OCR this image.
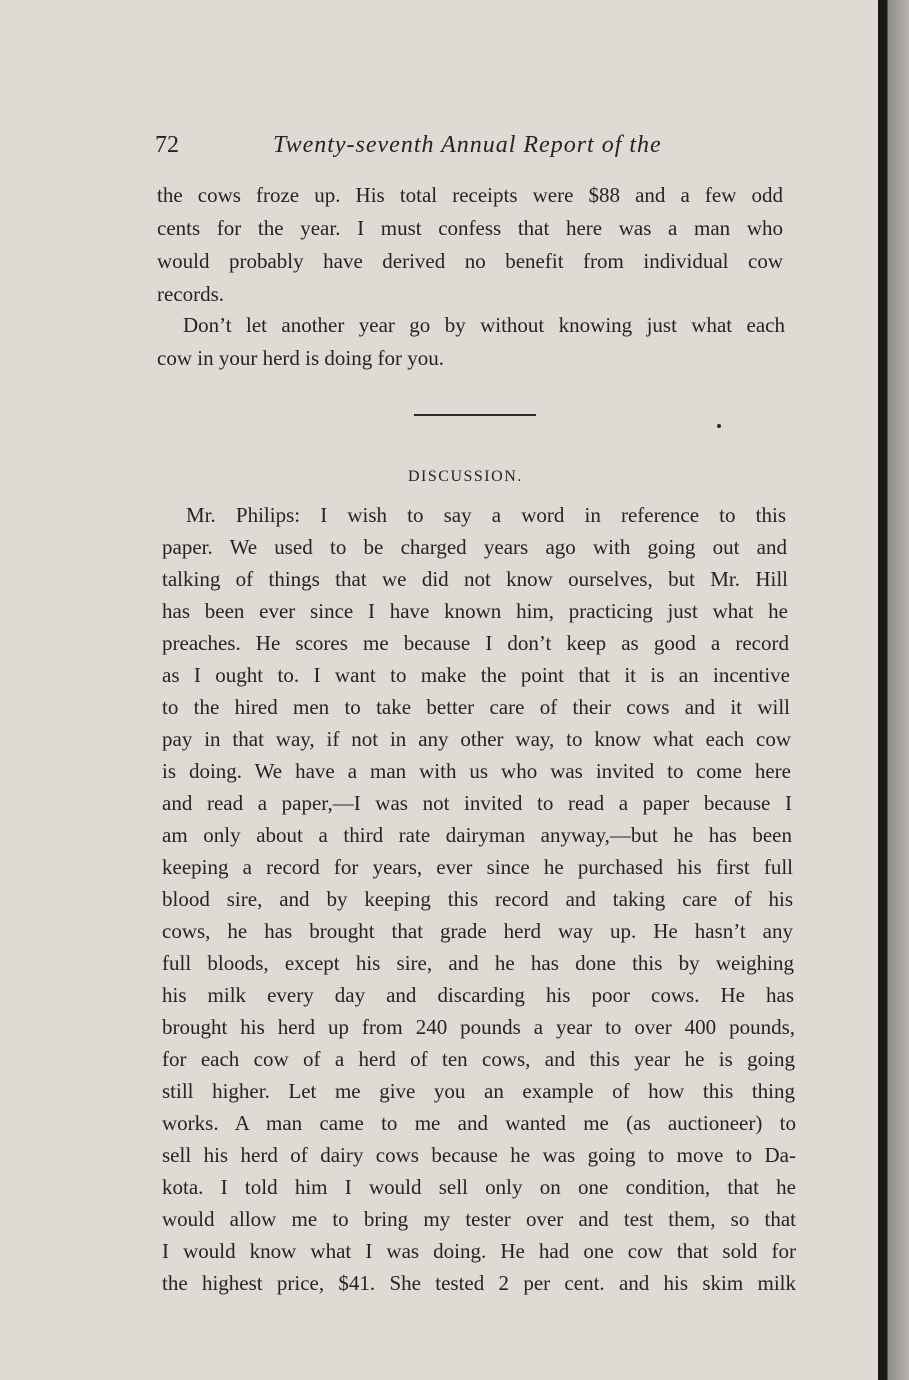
72	Twenty-seventh Annual Report of the
the cows froze up. His total receipts were $88 and a few odd
cents for the year. I must confess that here was a man who
would probably have derived no benefit from individual cow
records.
Don’t let another year go by without knowing just what each
cow in your herd is doing for you.
DISCUSSION.
Mr. Philips: I wish to say a word in reference to this
paper. We used to be charged years ago with going out and
talking of things that we did not know ourselves, but Mr. Hill
has been ever since I have known him, practicing just what he
preaches. He scores me because I don’t keep as good a record
as I ought to. I want to make the point that it is an incentive
to the hired men to take better care of their cows and it will
pay in that way, if not in any other way, to know what each cow
is doing. We have a man with us who was invited to come here
and read a paper,—I was not invited to read a paper because I
am only about a third rate dairyman anyway,—but he has been
keeping a record for years, ever since he purchased his first full
blood sire, and by keeping this record and taking care of his
cows, he has brought that grade herd way up. He hasn’t any
full bloods, except his sire, and he has done this by weighing
his milk every day and discarding his poor cows. He has
brought his herd up from 240 pounds a year to over 400 pounds,
for each cow of a herd of ten cows, and this year he is going
still higher. Let me give you an example of how this thing
works. A man came to me and wanted me (as auctioneer) to
sell his herd of dairy cows because he was going to move to Da-
kota. I told him I would sell only on one condition, that he
would allow me to bring my tester over and test them, so that
I would know what I was doing. He had one cow that sold for
the highest price, $41. She tested 2 per cent. and his skim milk
